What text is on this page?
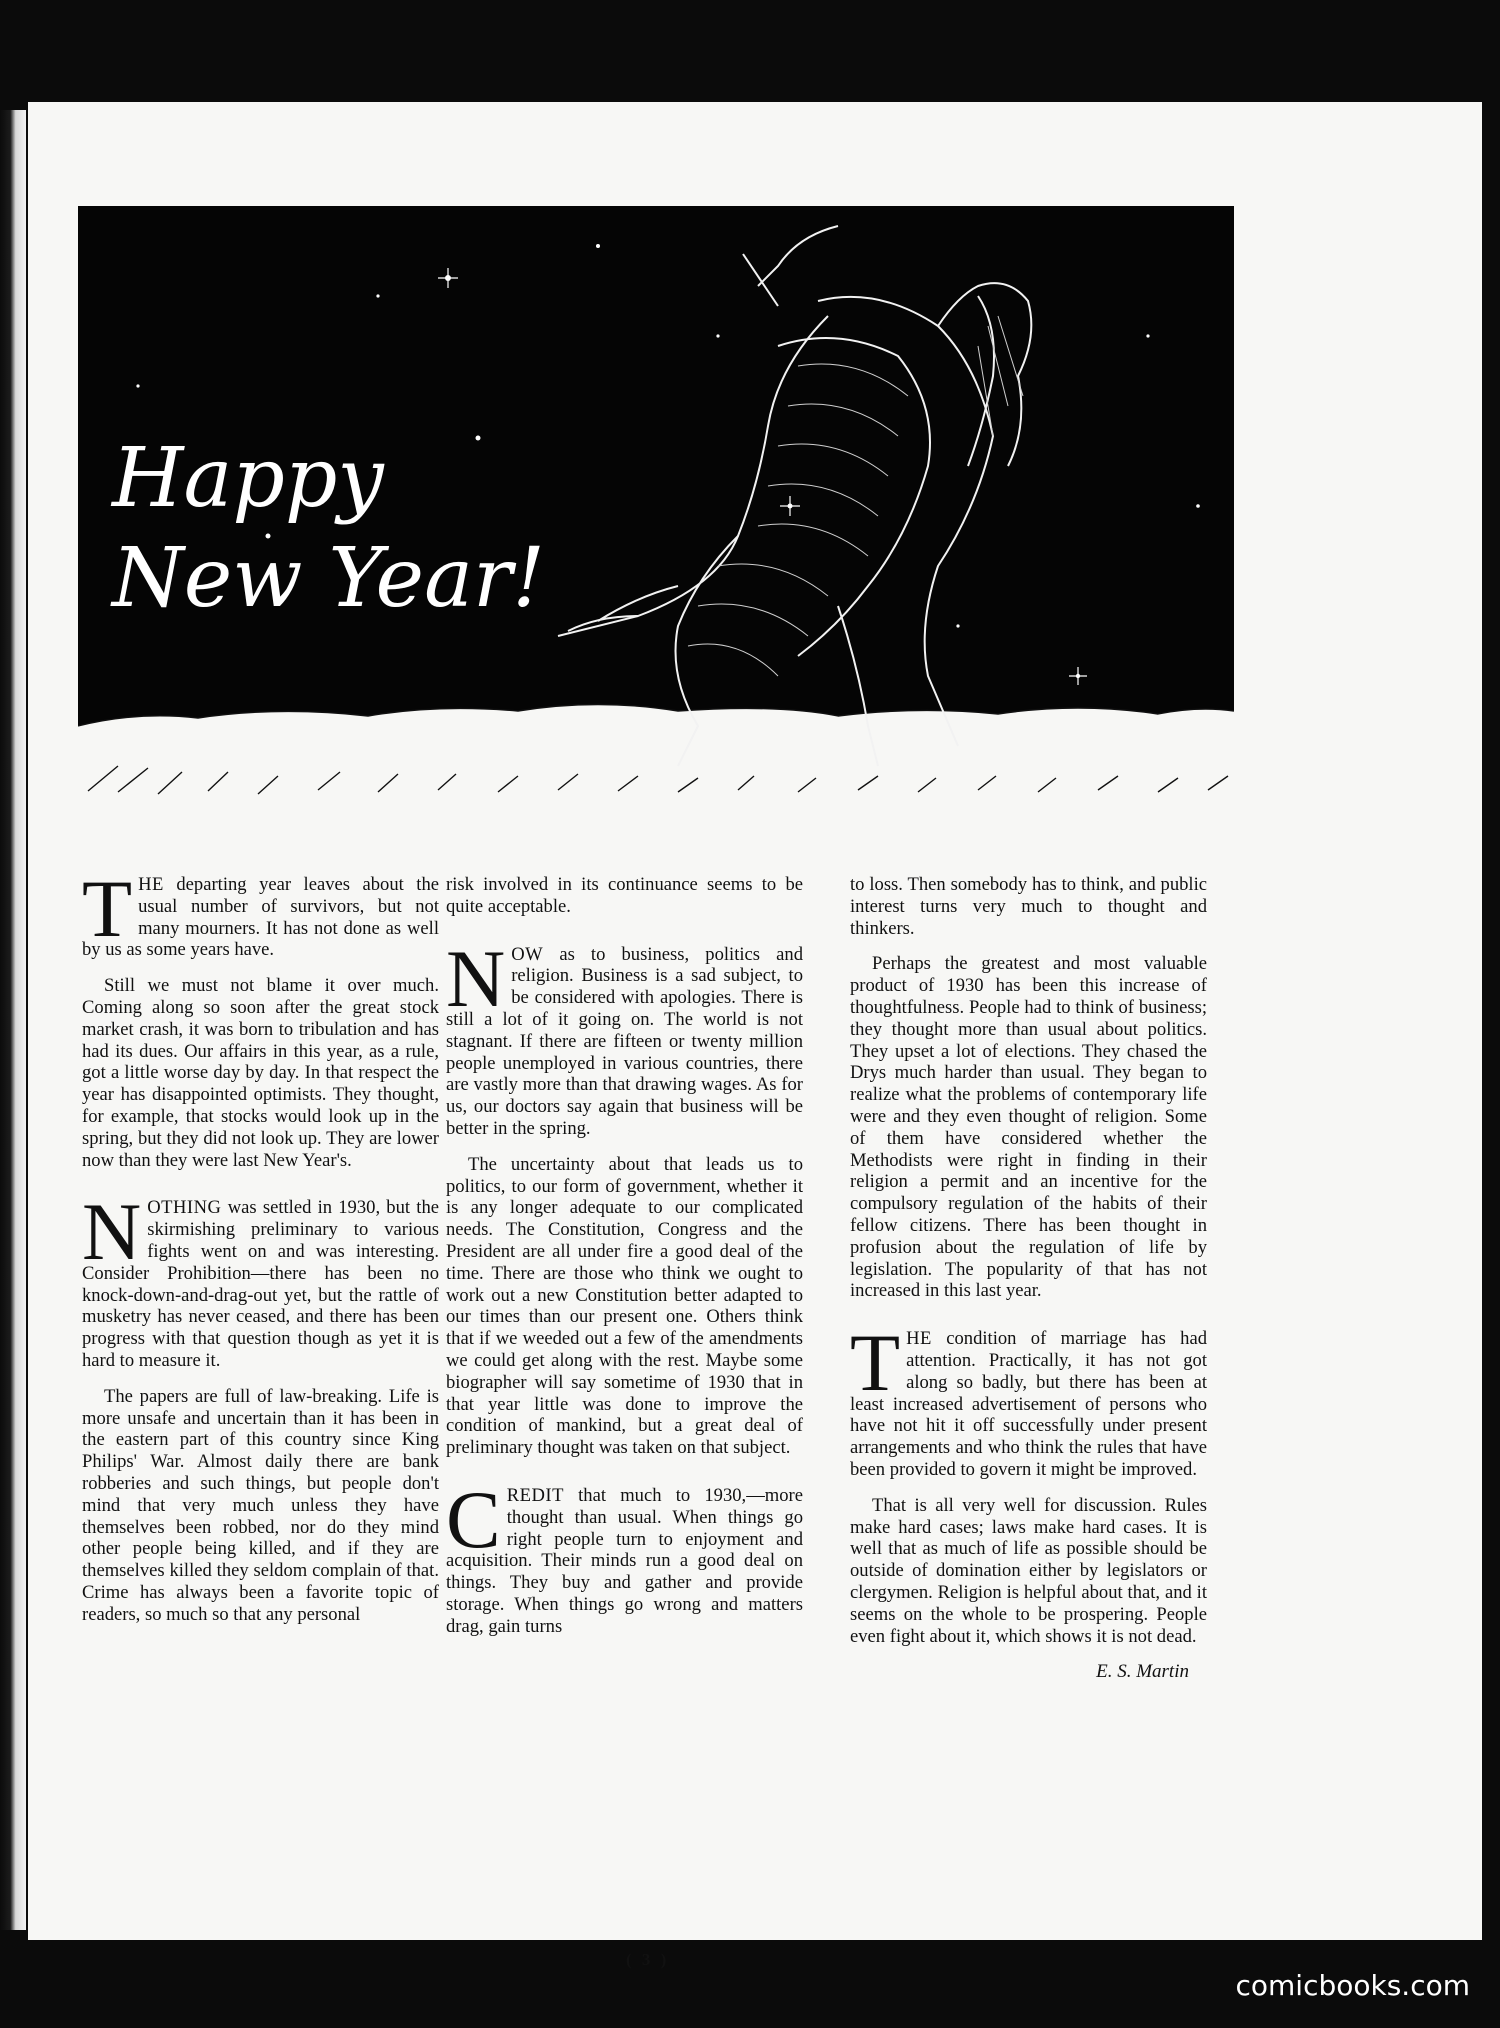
Happy
New Year!

THE departing year leaves about the usual number of survivors, but not many mourners. It has not done as well by us as some years have.

Still we must not blame it over much. Coming along so soon after the great stock market crash, it was born to tribulation and has had its dues. Our affairs in this year, as a rule, got a little worse day by day. In that respect the year has disappointed optimists. They thought, for example, that stocks would look up in the spring, but they did not look up. They are lower now than they were last New Year's.

NOTHING was settled in 1930, but the skirmishing preliminary to various fights went on and was interesting. Consider Prohibition—there has been no knock-down-and-drag-out yet, but the rattle of musketry has never ceased, and there has been progress with that question though as yet it is hard to measure it.

The papers are full of law-breaking. Life is more unsafe and uncertain than it has been in the eastern part of this country since King Philips' War. Almost daily there are bank robberies and such things, but people don't mind that very much unless they have themselves been robbed, nor do they mind other people being killed, and if they are themselves killed they seldom complain of that. Crime has always been a favorite topic of readers, so much so that any personal

risk involved in its continuance seems to be quite acceptable.

NOW as to business, politics and religion. Business is a sad subject, to be considered with apologies. There is still a lot of it going on. The world is not stagnant. If there are fifteen or twenty million people unemployed in various countries, there are vastly more than that drawing wages. As for us, our doctors say again that business will be better in the spring.

The uncertainty about that leads us to politics, to our form of government, whether it is any longer adequate to our complicated needs. The Constitution, Congress and the President are all under fire a good deal of the time. There are those who think we ought to work out a new Constitution better adapted to our times than our present one. Others think that if we weeded out a few of the amendments we could get along with the rest. Maybe some biographer will say sometime of 1930 that in that year little was done to improve the condition of mankind, but a great deal of preliminary thought was taken on that subject.

CREDIT that much to 1930,—more thought than usual. When things go right people turn to enjoyment and acquisition. Their minds run a good deal on things. They buy and gather and provide storage. When things go wrong and matters drag, gain turns

to loss. Then somebody has to think, and public interest turns very much to thought and thinkers.

Perhaps the greatest and most valuable product of 1930 has been this increase of thoughtfulness. People had to think of business; they thought more than usual about politics. They upset a lot of elections. They chased the Drys much harder than usual. They began to realize what the problems of contemporary life were and they even thought of religion. Some of them have considered whether the Methodists were right in finding in their religion a permit and an incentive for the compulsory regulation of the habits of their fellow citizens. There has been thought in profusion about the regulation of life by legislation. The popularity of that has not increased in this last year.

THE condition of marriage has had attention. Practically, it has not got along so badly, but there has been at least increased advertisement of persons who have not hit it off successfully under present arrangements and who think the rules that have been provided to govern it might be improved.

That is all very well for discussion. Rules make hard cases; laws make hard cases. It is well that as much of life as possible should be outside of domination either by legislators or clergymen. Religion is helpful about that, and it seems on the whole to be prospering. People even fight about it, which shows it is not dead.

E. S. Martin
( 3 )
comicbooks.com
